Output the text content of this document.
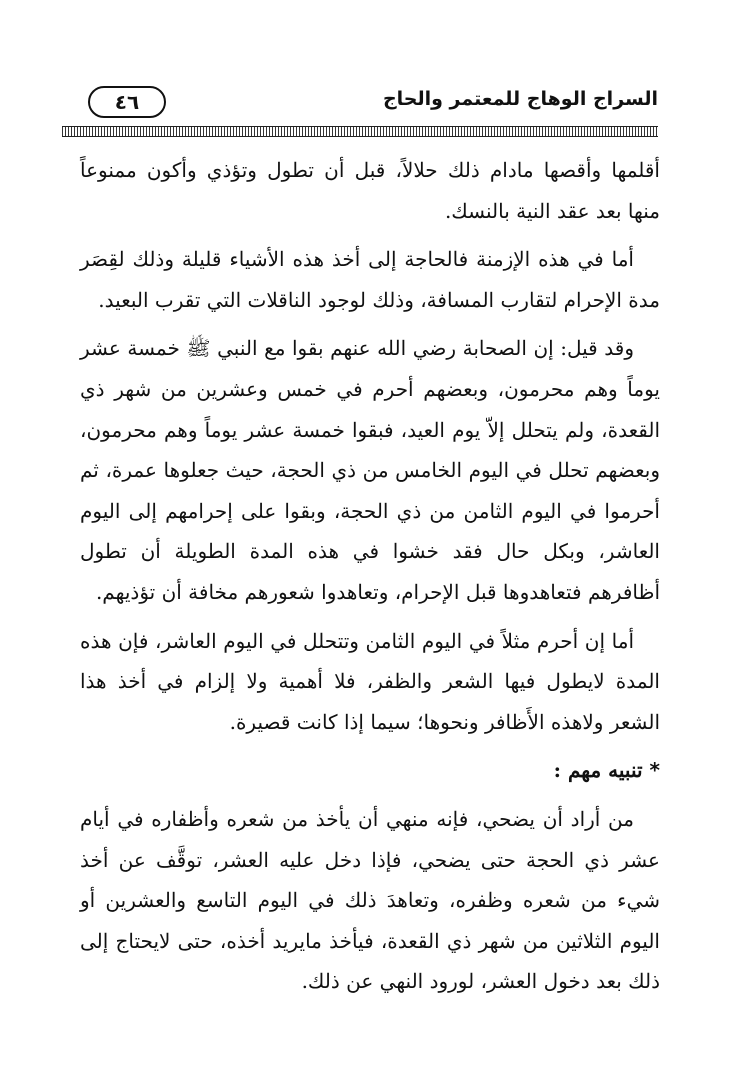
٤٦	السراج الوهاج للمعتمر والحاج

أقلمها وأقصها مادام ذلك حلالاً، قبل أن تطول وتؤذي وأكون ممنوعاً منها بعد عقد النية بالنسك.

أما في هذه الإزمنة فالحاجة إلى أخذ هذه الأشياء قليلة وذلك لقِصَر مدة الإحرام لتقارب المسافة، وذلك لوجود الناقلات التي تقرب البعيد.

وقد قيل: إن الصحابة رضي الله عنهم بقوا مع النبي ﷺ خمسة عشر يوماً وهم محرمون، وبعضهم أحرم في خمس وعشرين من شهر ذي القعدة، ولم يتحلل إلاّ يوم العيد، فبقوا خمسة عشر يوماً وهم محرمون، وبعضهم تحلل في اليوم الخامس من ذي الحجة، حيث جعلوها عمرة، ثم أحرموا في اليوم الثامن من ذي الحجة، وبقوا على إحرامهم إلى اليوم العاشر، وبكل حال فقد خشوا في هذه المدة الطويلة أن تطول أظافرهم فتعاهدوها قبل الإحرام، وتعاهدوا شعورهم مخافة أن تؤذيهم.

أما إن أحرم مثلاً في اليوم الثامن وتتحلل في اليوم العاشر، فإن هذه المدة لايطول فيها الشعر والظفر، فلا أهمية ولا إلزام في أخذ هذا الشعر ولاهذه الأَظافر ونحوها؛ سيما إذا كانت قصيرة.

* تنبيه مهم :

من أراد أن يضحي، فإنه منهي أن يأخذ من شعره وأظفاره في أيام عشر ذي الحجة حتى يضحي، فإذا دخل عليه العشر، توقَّف عن أخذ شيء من شعره وظفره، وتعاهدَ ذلك في اليوم التاسع والعشرين أو اليوم الثلاثين من شهر ذي القعدة، فيأخذ مايريد أخذه، حتى لايحتاج إلى ذلك بعد دخول العشر، لورود النهي عن ذلك.
